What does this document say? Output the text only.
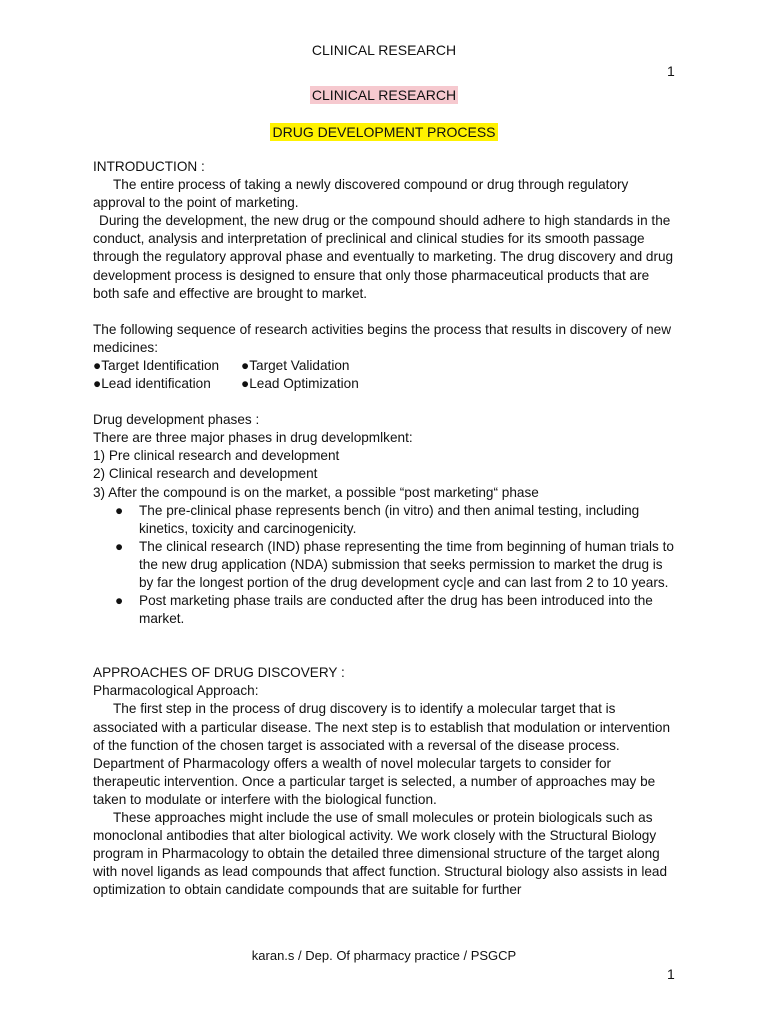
CLINICAL RESEARCH
1
CLINICAL RESEARCH
DRUG DEVELOPMENT PROCESS

INTRODUCTION :

The entire process of taking a newly discovered compound or drug through regulatory approval to the point of marketing.

During the development, the new drug or the compound should adhere to high standards in the conduct, analysis and interpretation of preclinical and clinical studies for its smooth passage through the regulatory approval phase and eventually to marketing. The drug discovery and drug development process is designed to ensure that only those pharmaceutical products that are both safe and effective are brought to market.

The following sequence of research activities begins the process that results in discovery of new medicines:

●Target Identification	●Target Validation
●Lead identification	●Lead Optimization

Drug development phases :

There are three major phases in drug developmlkent:

1) Pre clinical research and development

2) Clinical research and development

3) After the compound is on the market, a possible “post marketing“ phase

● The pre-clinical phase represents bench (in vitro) and then animal testing, including kinetics, toxicity and carcinogenicity.
● The clinical research (IND) phase representing the time from beginning of human trials to the new drug application (NDA) submission that seeks permission to market the drug is by far the longest portion of the drug development cyc|e and can last from 2 to 10 years.
● Post marketing phase trails are conducted after the drug has been introduced into the market.

APPROACHES OF DRUG DISCOVERY :

Pharmacological Approach:

The first step in the process of drug discovery is to identify a molecular target that is associated with a particular disease. The next step is to establish that modulation or intervention of the function of the chosen target is associated with a reversal of the disease process. Department of Pharmacology offers a wealth of novel molecular targets to consider for therapeutic intervention. Once a particular target is selected, a number of approaches may be taken to modulate or interfere with the biological function.

These approaches might include the use of small molecules or protein biologicals such as monoclonal antibodies that alter biological activity. We work closely with the Structural Biology program in Pharmacology to obtain the detailed three dimensional structure of the target along with novel ligands as lead compounds that affect function. Structural biology also assists in lead optimization to obtain candidate compounds that are suitable for further

karan.s / Dep. Of pharmacy practice / PSGCP
1
